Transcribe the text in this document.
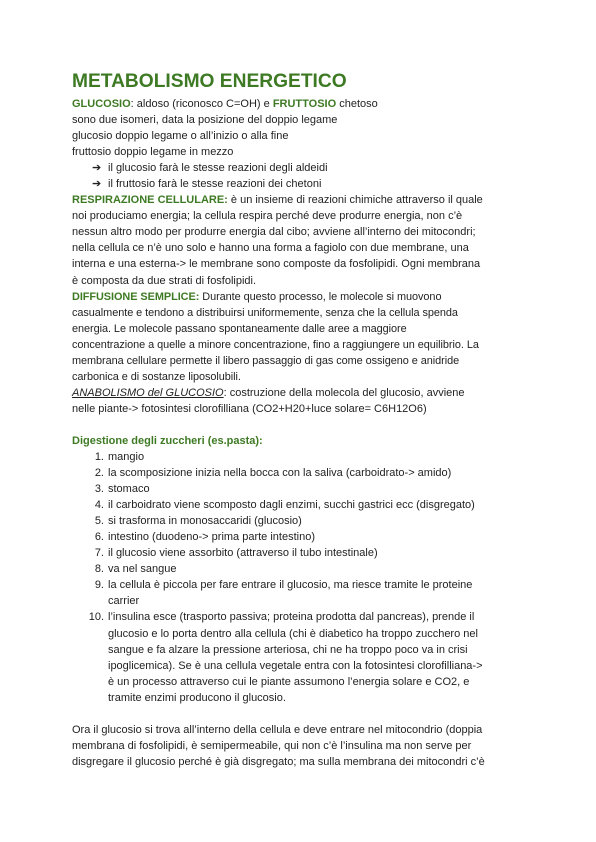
METABOLISMO ENERGETICO

GLUCOSIO: aldoso (riconosco C=OH) e FRUTTOSIO chetoso

sono due isomeri, data la posizione del doppio legame

glucosio doppio legame o all’inizio o alla fine

fruttosio doppio legame in mezzo

➔ il glucosio farà le stesse reazioni degli aldeidi
➔ il fruttosio farà le stesse reazioni dei chetoni

RESPIRAZIONE CELLULARE: è un insieme di reazioni chimiche attraverso il quale

noi produciamo energia; la cellula respira perché deve produrre energia, non c’è

nessun altro modo per produrre energia dal cibo; avviene all’interno dei mitocondri;

nella cellula ce n’è uno solo e hanno una forma a fagiolo con due membrane, una

interna e una esterna-> le membrane sono composte da fosfolipidi. Ogni membrana

è composta da due strati di fosfolipidi.

DIFFUSIONE SEMPLICE: Durante questo processo, le molecole si muovono

casualmente e tendono a distribuirsi uniformemente, senza che la cellula spenda

energia. Le molecole passano spontaneamente dalle aree a maggiore

concentrazione a quelle a minore concentrazione, fino a raggiungere un equilibrio. La

membrana cellulare permette il libero passaggio di gas come ossigeno e anidride

carbonica e di sostanze liposolubili.

ANABOLISMO del GLUCOSIO: costruzione della molecola del glucosio, avviene

nelle piante-> fotosintesi clorofilliana (CO2+H20+luce solare= C6H12O6)

Digestione degli zuccheri (es.pasta):

1. mangio
2. la scomposizione inizia nella bocca con la saliva (carboidrato-> amido)
3. stomaco
4. il carboidrato viene scomposto dagli enzimi, succhi gastrici ecc (disgregato)
5. si trasforma in monosaccaridi (glucosio)
6. intestino (duodeno-> prima parte intestino)
7. il glucosio viene assorbito (attraverso il tubo intestinale)
8. va nel sangue
9. la cellula è piccola per fare entrare il glucosio, ma riesce tramite le proteine
carrier
10. l’insulina esce (trasporto passiva; proteina prodotta dal pancreas), prende il
glucosio e lo porta dentro alla cellula (chi è diabetico ha troppo zucchero nel
sangue e fa alzare la pressione arteriosa, chi ne ha troppo poco va in crisi
ipoglicemica). Se è una cellula vegetale entra con la fotosintesi clorofilliana->
è un processo attraverso cui le piante assumono l’energia solare e CO2, e
tramite enzimi producono il glucosio.

Ora il glucosio si trova all’interno della cellula e deve entrare nel mitocondrio (doppia

membrana di fosfolipidi, è semipermeabile, qui non c’è l’insulina ma non serve per

disgregare il glucosio perché è già disgregato; ma sulla membrana dei mitocondri c’è
